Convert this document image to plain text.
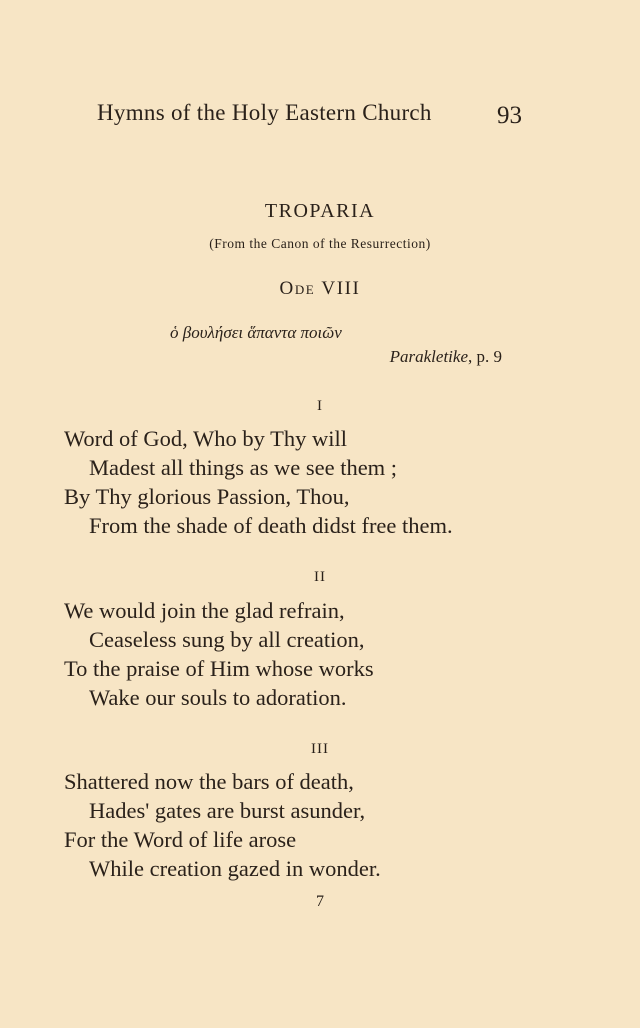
Hymns of the Holy Eastern Church	93
TROPARIA
(From the Canon of the Resurrection)
Ode VIII
ὁ βουλήσει ἅπαντα ποιῶν
Parakletike, p. 9
I
Word of God, Who by Thy will
Madest all things as we see them ;
By Thy glorious Passion, Thou,
From the shade of death didst free them.
II
We would join the glad refrain,
Ceaseless sung by all creation,
To the praise of Him whose works
Wake our souls to adoration.
III
Shattered now the bars of death,
Hades' gates are burst asunder,
For the Word of life arose
While creation gazed in wonder.
7
